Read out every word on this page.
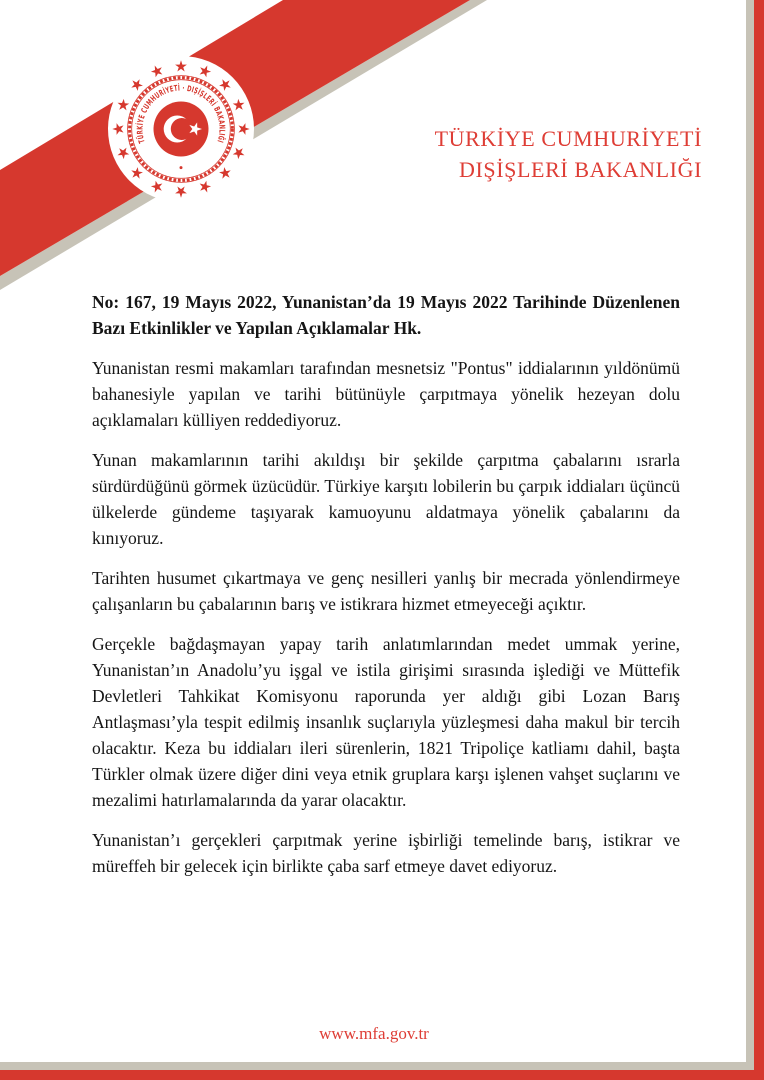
TÜRKİYE CUMHURİYETİ · DIŞİŞLERİ BAKANLIĞI	TÜRKİYE CUMHURİYETİ
DIŞİŞLERİ BAKANLIĞI
No: 167, 19 Mayıs 2022, Yunanistan’da 19 Mayıs 2022 Tarihinde Düzenlenen Bazı Etkinlikler ve Yapılan Açıklamalar Hk.

Yunanistan resmi makamları tarafından mesnetsiz "Pontus" iddialarının yıldönümü bahanesiyle yapılan ve tarihi bütünüyle çarpıtmaya yönelik hezeyan dolu açıklamaları külliyen reddediyoruz.

Yunan makamlarının tarihi akıldışı bir şekilde çarpıtma çabalarını ısrarla sürdürdüğünü görmek üzücüdür. Türkiye karşıtı lobilerin bu çarpık iddiaları üçüncü ülkelerde gündeme taşıyarak kamuoyunu aldatmaya yönelik çabalarını da kınıyoruz.

Tarihten husumet çıkartmaya ve genç nesilleri yanlış bir mecrada yönlendirmeye çalışanların bu çabalarının barış ve istikrara hizmet etmeyeceği açıktır.

Gerçekle bağdaşmayan yapay tarih anlatımlarından medet ummak yerine, Yunanistan’ın Anadolu’yu işgal ve istila girişimi sırasında işlediği ve Müttefik Devletleri Tahkikat Komisyonu raporunda yer aldığı gibi Lozan Barış Antlaşması’yla tespit edilmiş insanlık suçlarıyla yüzleşmesi daha makul bir tercih olacaktır. Keza bu iddiaları ileri sürenlerin, 1821 Tripoliçe katliamı dahil, başta Türkler olmak üzere diğer dini veya etnik gruplara karşı işlenen vahşet suçlarını ve mezalimi hatırlamalarında da yarar olacaktır.

Yunanistan’ı gerçekleri çarpıtmak yerine işbirliği temelinde barış, istikrar ve müreffeh bir gelecek için birlikte çaba sarf etmeye davet ediyoruz.

www.mfa.gov.tr
